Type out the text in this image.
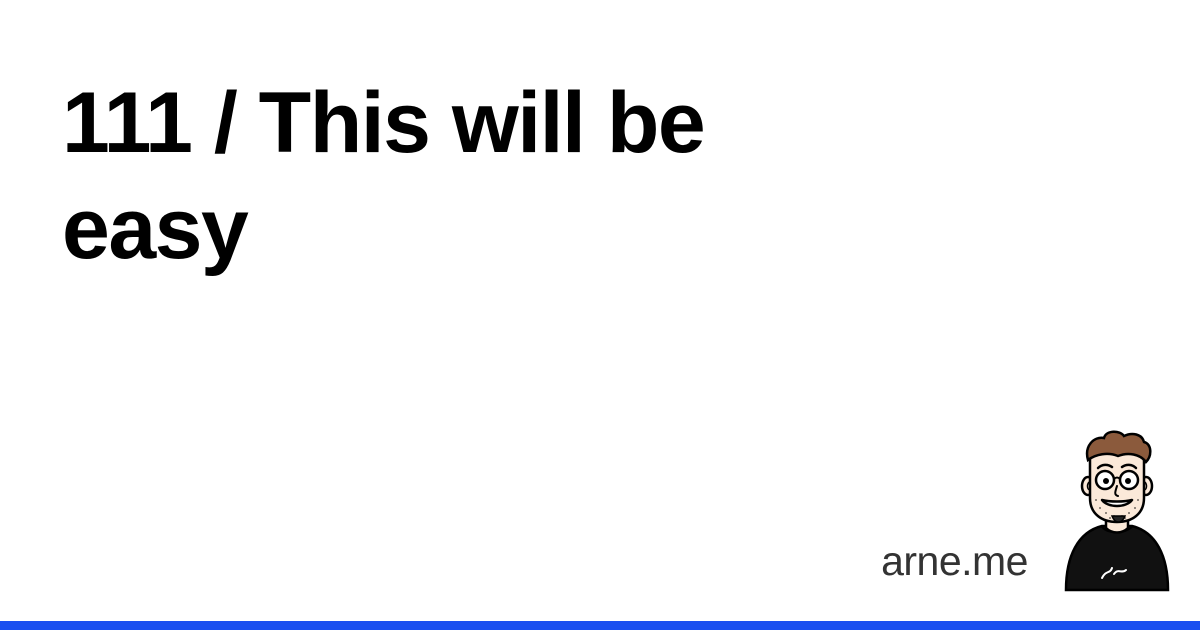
111 / This will be easy
arne.me
